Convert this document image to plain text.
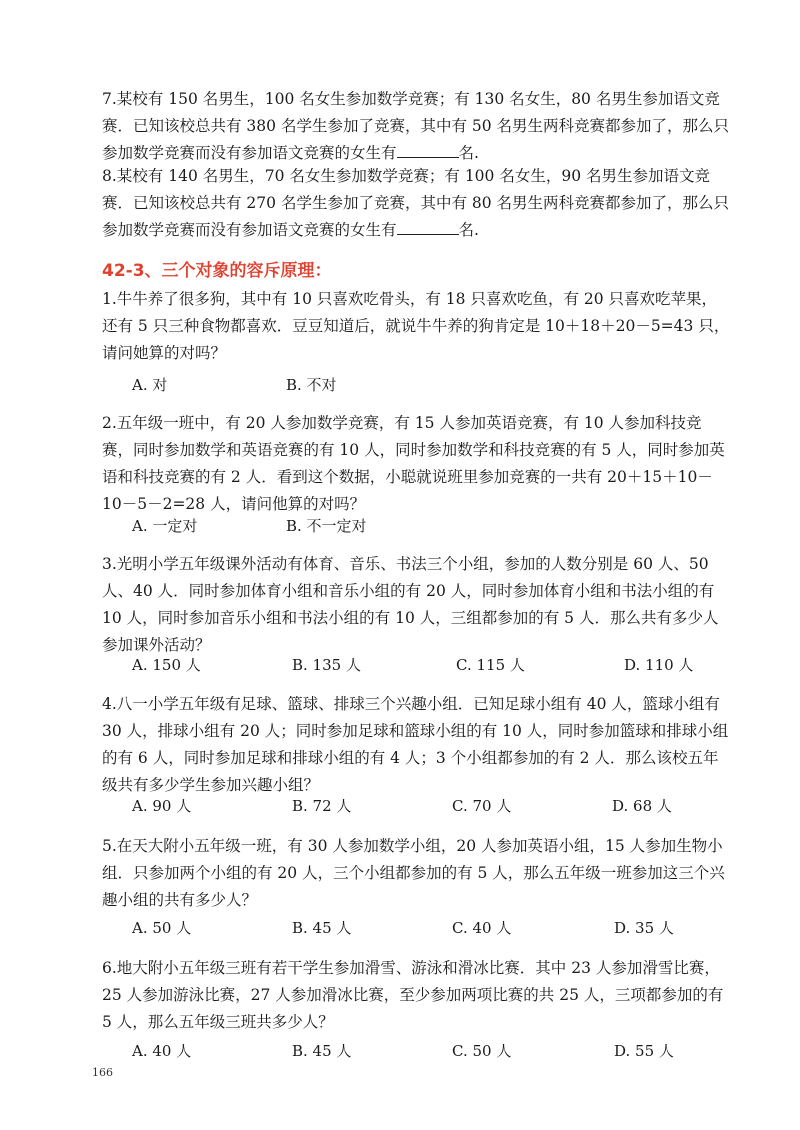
7.某校有 150 名男生，100 名女生参加数学竞赛；有 130 名女生，80 名男生参加语文竞赛．已知该校总共有 380 名学生参加了竞赛，其中有 50 名男生两科竞赛都参加了，那么只参加数学竞赛而没有参加语文竞赛的女生有	名.

8.某校有 140 名男生，70 名女生参加数学竞赛；有 100 名女生，90 名男生参加语文竞赛．已知该校总共有 270 名学生参加了竞赛，其中有 80 名男生两科竞赛都参加了，那么只参加数学竞赛而没有参加语文竞赛的女生有	名.

42-3、三个对象的容斥原理：

1.牛牛养了很多狗，其中有 10 只喜欢吃骨头，有 18 只喜欢吃鱼，有 20 只喜欢吃苹果，还有 5 只三种食物都喜欢．豆豆知道后，就说牛牛养的狗肯定是 10＋18＋20－5=43 只，请问她算的对吗？

A. 对	B. 不对

2.五年级一班中，有 20 人参加数学竞赛，有 15 人参加英语竞赛，有 10 人参加科技竞赛，同时参加数学和英语竞赛的有 10 人，同时参加数学和科技竞赛的有 5 人，同时参加英语和科技竞赛的有 2 人．看到这个数据，小聪就说班里参加竞赛的一共有 20＋15＋10－10－5－2=28 人，请问他算的对吗？

A. 一定对	B. 不一定对

3.光明小学五年级课外活动有体育、音乐、书法三个小组，参加的人数分别是 60 人、50 人、40 人．同时参加体育小组和音乐小组的有 20 人，同时参加体育小组和书法小组的有 10 人，同时参加音乐小组和书法小组的有 10 人，三组都参加的有 5 人．那么共有多少人参加课外活动？

A. 150 人	B. 135 人	C. 115 人	D. 110 人

4.八一小学五年级有足球、篮球、排球三个兴趣小组．已知足球小组有 40 人，篮球小组有 30 人，排球小组有 20 人；同时参加足球和篮球小组的有 10 人，同时参加篮球和排球小组的有 6 人，同时参加足球和排球小组的有 4 人；3 个小组都参加的有 2 人．那么该校五年级共有多少学生参加兴趣小组？

A. 90 人	B. 72 人	C. 70 人	D. 68 人

5.在天大附小五年级一班，有 30 人参加数学小组，20 人参加英语小组，15 人参加生物小组．只参加两个小组的有 20 人，三个小组都参加的有 5 人，那么五年级一班参加这三个兴趣小组的共有多少人？

A. 50 人	B. 45 人	C. 40 人	D. 35 人

6.地大附小五年级三班有若干学生参加滑雪、游泳和滑冰比赛．其中 23 人参加滑雪比赛，25 人参加游泳比赛，27 人参加滑冰比赛，至少参加两项比赛的共 25 人，三项都参加的有 5 人，那么五年级三班共多少人？

A. 40 人	B. 45 人	C. 50 人	D. 55 人
166
